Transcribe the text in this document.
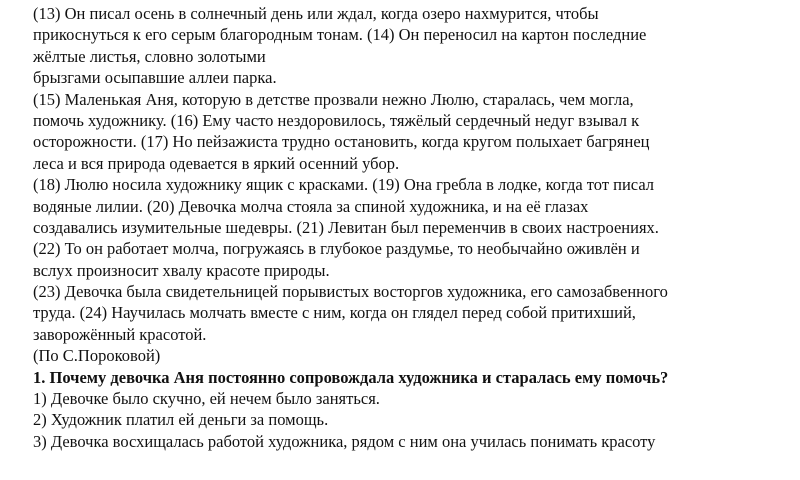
(13) Он писал осень в солнечный день или ждал, когда озеро нахмурится, чтобы

прикоснуться к его серым благородным тонам. (14) Он переносил на картон последние

жёлтые листья, словно золотыми

брызгами осыпавшие аллеи парка.

(15) Маленькая Аня, которую в детстве прозвали нежно Люлю, старалась, чем могла,

помочь художнику. (16) Ему часто нездоровилось, тяжёлый сердечный недуг взывал к

осторожности. (17) Но пейзажиста трудно остановить, когда кругом полыхает багрянец

леса и вся природа одевается в яркий осенний убор.

(18) Люлю носила художнику ящик с красками. (19) Она гребла в лодке, когда тот писал

водяные лилии. (20) Девочка молча стояла за спиной художника, и на её глазах

создавались изумительные шедевры. (21) Левитан был переменчив в своих настроениях.

(22) То он работает молча, погружаясь в глубокое раздумье, то необычайно оживлён и

вслух произносит хвалу красоте природы.

(23) Девочка была свидетельницей порывистых восторгов художника, его самозабвенного

труда. (24) Научилась молчать вместе с ним, когда он глядел перед собой притихший,

заворожённый красотой.

(По С.Пороковой)

1. Почему девочка Аня постоянно сопровождала художника и старалась ему помочь?

1) Девочке было скучно, ей нечем было заняться.

2) Художник платил ей деньги за помощь.

3) Девочка восхищалась работой художника, рядом с ним она училась понимать красоту
